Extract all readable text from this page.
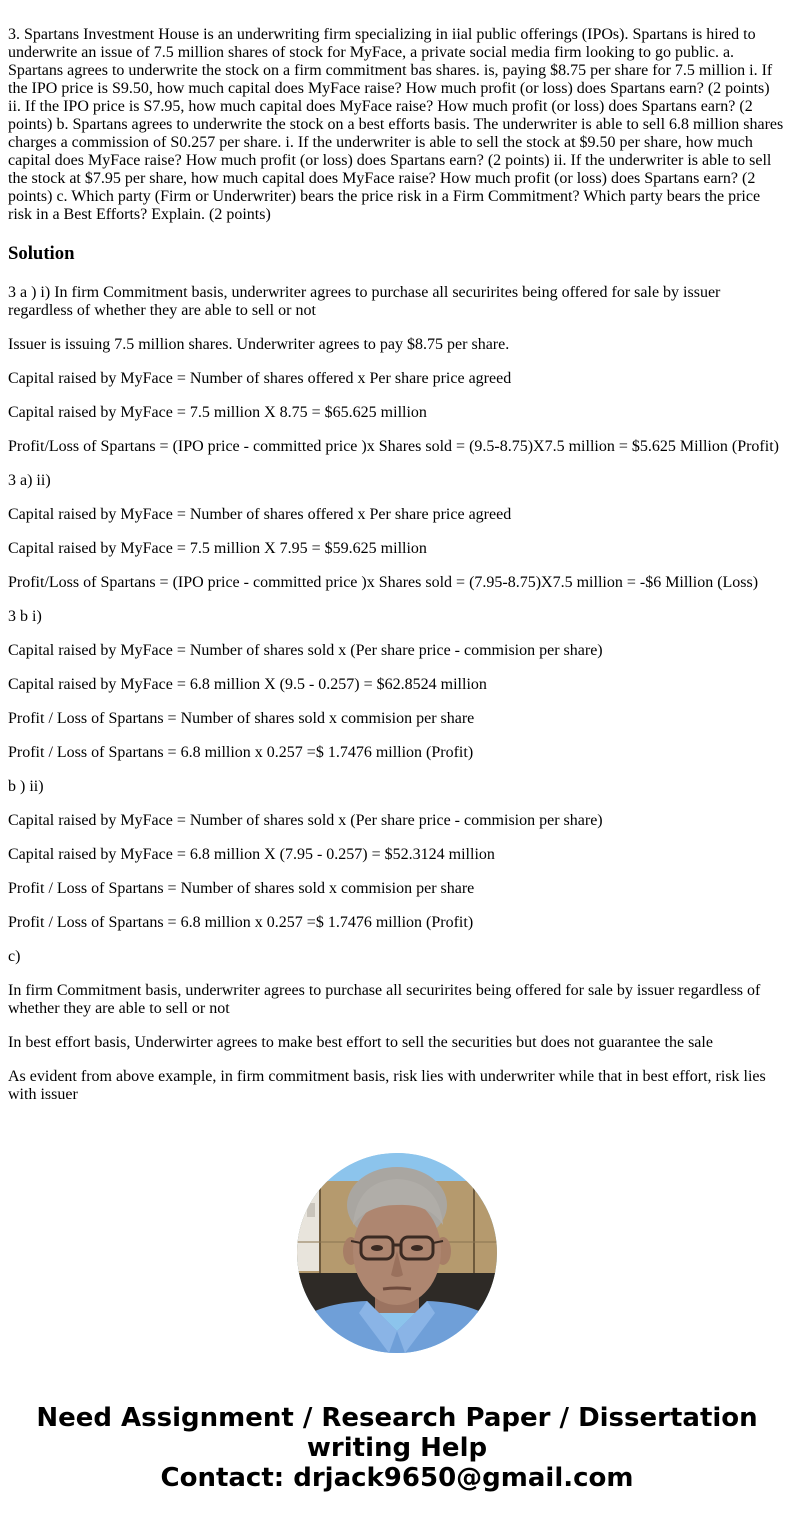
3. Spartans Investment House is an underwriting firm specializing in iial public offerings (IPOs). Spartans is hired to underwrite an issue of 7.5 million shares of stock for MyFace, a private social media firm looking to go public. a. Spartans agrees to underwrite the stock on a firm commitment bas shares. is, paying $8.75 per share for 7.5 million i. If the IPO price is S9.50, how much capital does MyFace raise? How much profit (or loss) does Spartans earn? (2 points) ii. If the IPO price is S7.95, how much capital does MyFace raise? How much profit (or loss) does Spartans earn? (2 points) b. Spartans agrees to underwrite the stock on a best efforts basis. The underwriter is able to sell 6.8 million shares charges a commission of S0.257 per share. i. If the underwriter is able to sell the stock at $9.50 per share, how much capital does MyFace raise? How much profit (or loss) does Spartans earn? (2 points) ii. If the underwriter is able to sell the stock at $7.95 per share, how much capital does MyFace raise? How much profit (or loss) does Spartans earn? (2 points) c. Which party (Firm or Underwriter) bears the price risk in a Firm Commitment? Which party bears the price risk in a Best Efforts? Explain. (2 points)

Solution

3 a ) i) In firm Commitment basis, underwriter agrees to purchase all securirites being offered for sale by issuer regardless of whether they are able to sell or not

Issuer is issuing 7.5 million shares. Underwriter agrees to pay $8.75 per share.

Capital raised by MyFace = Number of shares offered x Per share price agreed

Capital raised by MyFace = 7.5 million X 8.75 = $65.625 million

Profit/Loss of Spartans = (IPO price - committed price )x Shares sold = (9.5-8.75)X7.5 million = $5.625 Million (Profit)

3 a) ii)

Capital raised by MyFace = Number of shares offered x Per share price agreed

Capital raised by MyFace = 7.5 million X 7.95 = $59.625 million

Profit/Loss of Spartans = (IPO price - committed price )x Shares sold = (7.95-8.75)X7.5 million = -$6 Million (Loss)

3 b i)

Capital raised by MyFace = Number of shares sold x (Per share price - commision per share)

Capital raised by MyFace = 6.8 million X (9.5 - 0.257) = $62.8524 million

Profit / Loss of Spartans = Number of shares sold x commision per share

Profit / Loss of Spartans = 6.8 million x 0.257 =$ 1.7476 million (Profit)

b ) ii)

Capital raised by MyFace = Number of shares sold x (Per share price - commision per share)

Capital raised by MyFace = 6.8 million X (7.95 - 0.257) = $52.3124 million

Profit / Loss of Spartans = Number of shares sold x commision per share

Profit / Loss of Spartans = 6.8 million x 0.257 =$ 1.7476 million (Profit)

c)

In firm Commitment basis, underwriter agrees to purchase all securirites being offered for sale by issuer regardless of whether they are able to sell or not

In best effort basis, Underwirter agrees to make best effort to sell the securities but does not guarantee the sale

As evident from above example, in firm commitment basis, risk lies with underwriter while that in best effort, risk lies with issuer

Need Assignment / Research Paper / Dissertation
writing Help
Contact: drjack9650@gmail.com
